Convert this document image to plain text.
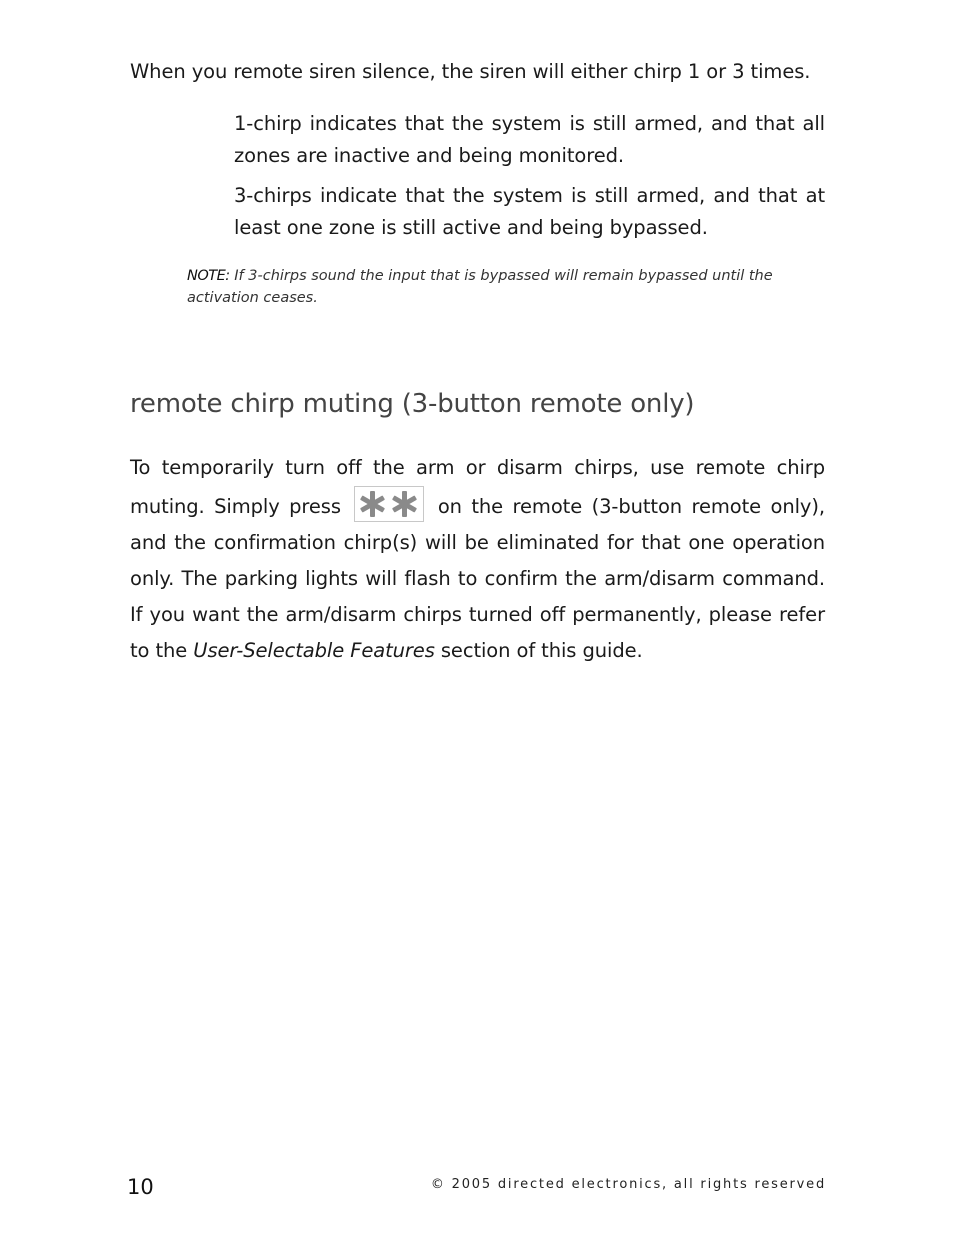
When you remote siren silence, the siren will either chirp 1 or 3 times.

1-chirp indicates that the system is still armed, and that all zones are inactive and being monitored.

3-chirps indicate that the system is still armed, and that at least one zone is still active and being bypassed.

NOTE: If 3-chirps sound the input that is bypassed will remain bypassed until the activation ceases.

remote chirp muting (3-button remote only)

To temporarily turn off the arm or disarm chirps, use remote chirp muting. Simply press	on the remote (3-button remote only), and the confirmation chirp(s) will be eliminated for that one operation only. The parking lights will flash to confirm the arm/disarm command. If you want the arm/disarm chirps turned off permanently, please refer to the User-Selectable Features section of this guide.

10	© 2005 directed electronics, all rights reserved
